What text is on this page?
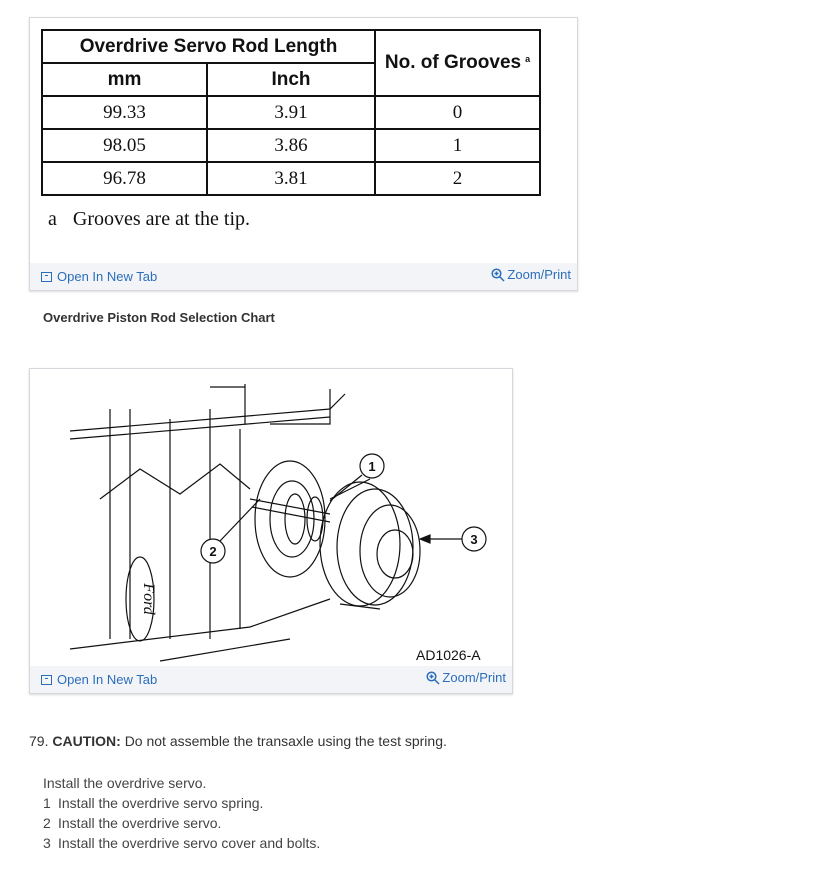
Overdrive Servo Rod Length		No. of Grooves $^a$
mm	Inch	
99.33	3.91	0
98.05	3.86	1
96.78	3.81	2
a Grooves are at the tip.
Open In New Tab	Zoom/Print
Overdrive Piston Rod Selection Chart
Ford
1
2
3
AD1026-A
Open In New Tab	Zoom/Print
79. CAUTION: Do not assemble the transaxle using the test spring.
Install the overdrive servo.
1 Install the overdrive servo spring.
2 Install the overdrive servo.
3 Install the overdrive servo cover and bolts.
